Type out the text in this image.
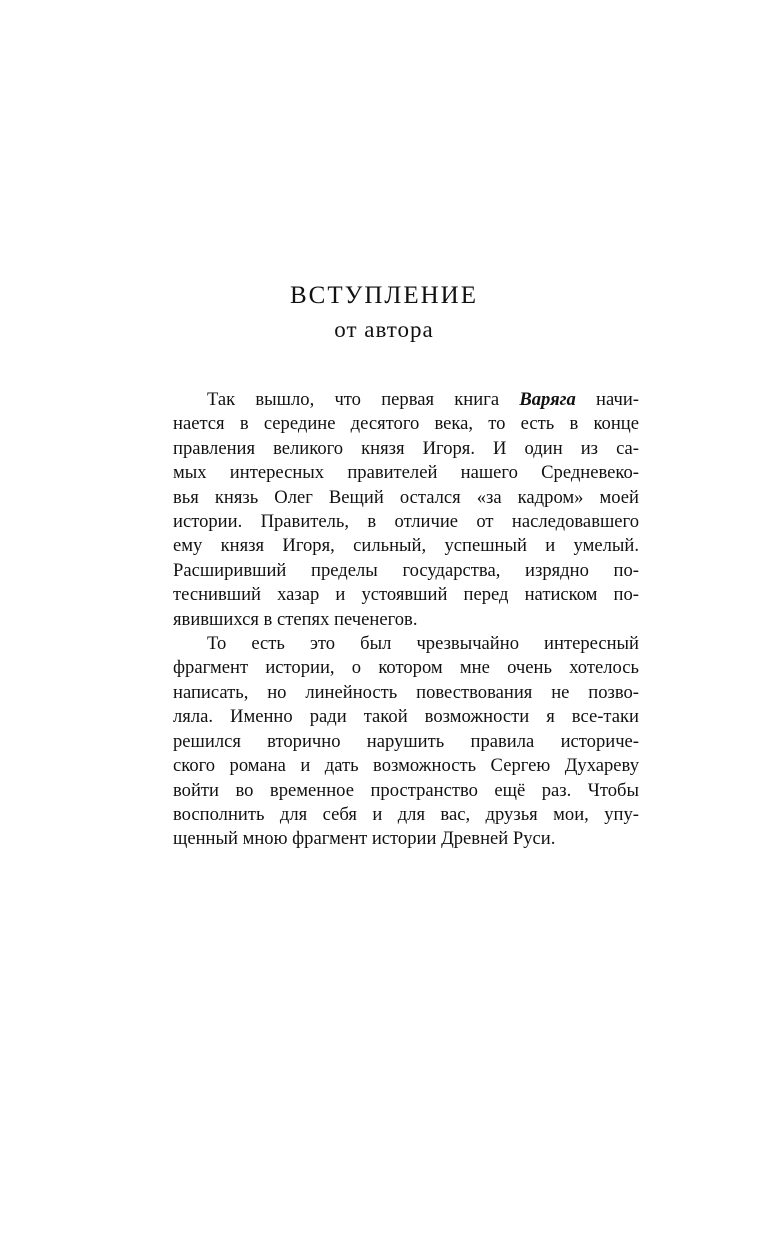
ВСТУПЛЕНИЕ
от автора
Так вышло, что первая книга Варяга начи-
нается в середине десятого века, то есть в конце
правления великого князя Игоря. И один из са-
мых интересных правителей нашего Средневеко-
вья князь Олег Вещий остался «за кадром» моей
истории. Правитель, в отличие от наследовавшего
ему князя Игоря, сильный, успешный и умелый.
Расширивший пределы государства, изрядно по-
теснивший хазар и устоявший перед натиском по-
явившихся в степях печенегов.
То есть это был чрезвычайно интересный
фрагмент истории, о котором мне очень хотелось
написать, но линейность повествования не позво-
ляла. Именно ради такой возможности я все-таки
решился вторично нарушить правила историче-
ского романа и дать возможность Сергею Духареву
войти во временное пространство ещё раз. Чтобы
восполнить для себя и для вас, друзья мои, упу-
щенный мною фрагмент истории Древней Руси.
